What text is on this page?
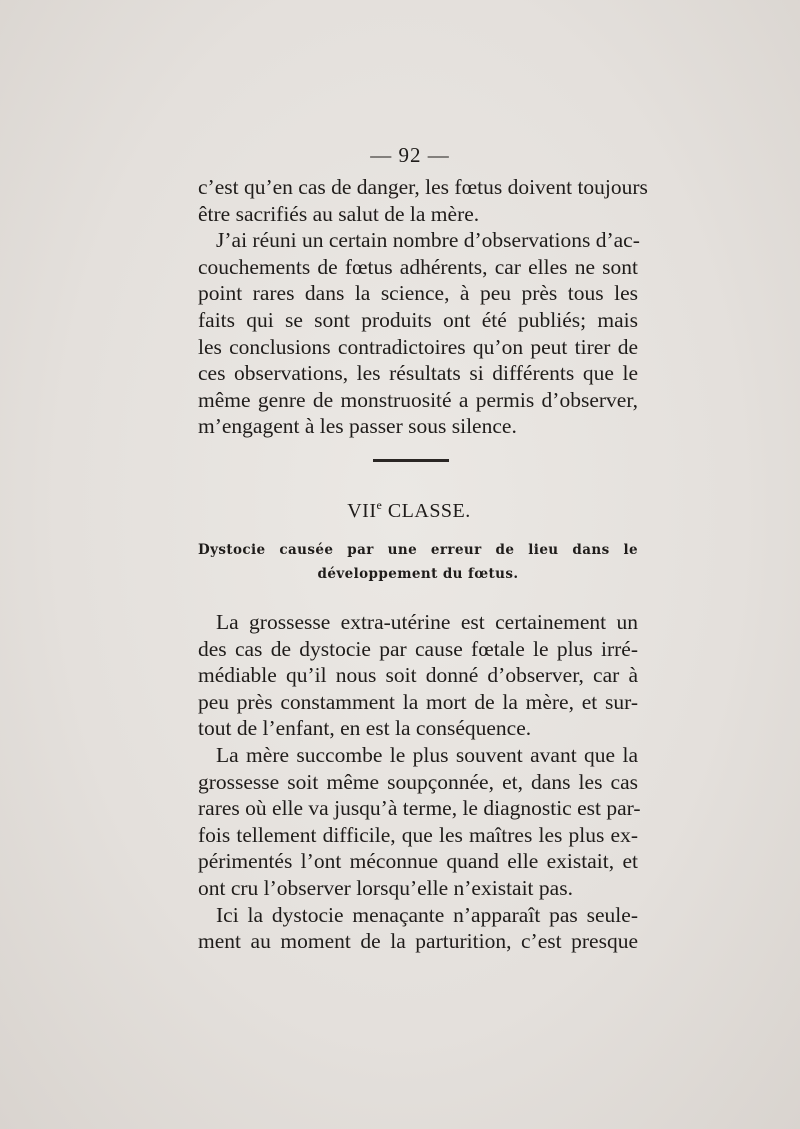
— 92 —
c’est qu’en cas de danger, les fœtus doivent toujours
être sacrifiés au salut de la mère.
J’ai réuni un certain nombre d’observations d’ac-
couchements de fœtus adhérents, car elles ne sont
point rares dans la science, à peu près tous les
faits qui se sont produits ont été publiés; mais
les conclusions contradictoires qu’on peut tirer de
ces observations, les résultats si différents que le
même genre de monstruosité a permis d’observer,
m’engagent à les passer sous silence.
VIIe CLASSE.
Dystocie causée par une erreur de lieu dans le
développement du fœtus.
La grossesse extra-utérine est certainement un
des cas de dystocie par cause fœtale le plus irré-
médiable qu’il nous soit donné d’observer, car à
peu près constamment la mort de la mère, et sur-
tout de l’enfant, en est la conséquence.
La mère succombe le plus souvent avant que la
grossesse soit même soupçonnée, et, dans les cas
rares où elle va jusqu’à terme, le diagnostic est par-
fois tellement difficile, que les maîtres les plus ex-
périmentés l’ont méconnue quand elle existait, et
ont cru l’observer lorsqu’elle n’existait pas.
Ici la dystocie menaçante n’apparaît pas seule-
ment au moment de la parturition, c’est presque
